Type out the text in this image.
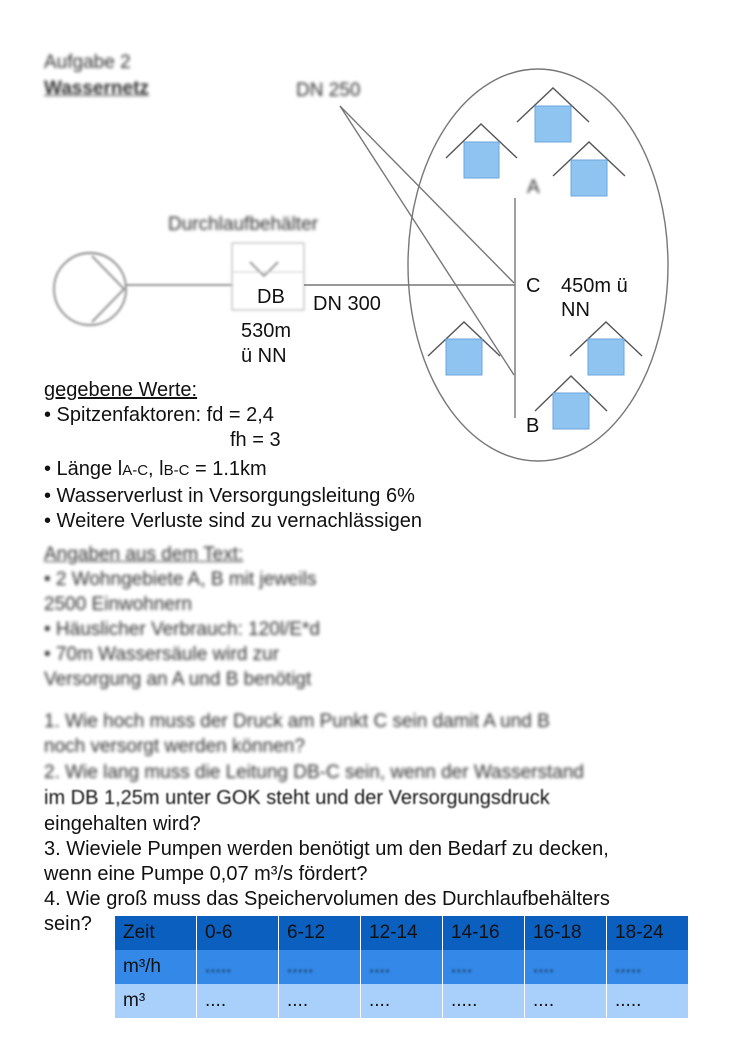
Aufgabe 2
Wassernetz	DN 250
Durchlaufbehälter
DB DN 300
530m
ü NN
A
C 450m ü
NN
B
gegebene Werte:
• Spitzenfaktoren: fd = 2,4
fh = 3
• Länge lA-C, lB-C = 1.1km
• Wasserverlust in Versorgungsleitung 6%
• Weitere Verluste sind zu vernachlässigen
Angaben aus dem Text:
• 2 Wohngebiete A, B mit jeweils
2500 Einwohnern
• Häuslicher Verbrauch: 120l/E*d
• 70m Wassersäule wird zur
Versorgung an A und B benötigt
1. Wie hoch muss der Druck am Punkt C sein damit A und B
noch versorgt werden können?
2. Wie lang muss die Leitung DB-C sein, wenn der Wasserstand
im DB 1,25m unter GOK steht und der Versorgungsdruck
eingehalten wird?
3. Wieviele Pumpen werden benötigt um den Bedarf zu decken,
wenn eine Pumpe 0,07 m³/s fördert?
4. Wie groß muss das Speichervolumen des Durchlaufbehälters
sein? Zeit	0-6	6-12	12-14	14-16	16-18	18-24
m³/h	.....	.....	....	....	....	.....
m³	....	....	....	.....	....	.....
